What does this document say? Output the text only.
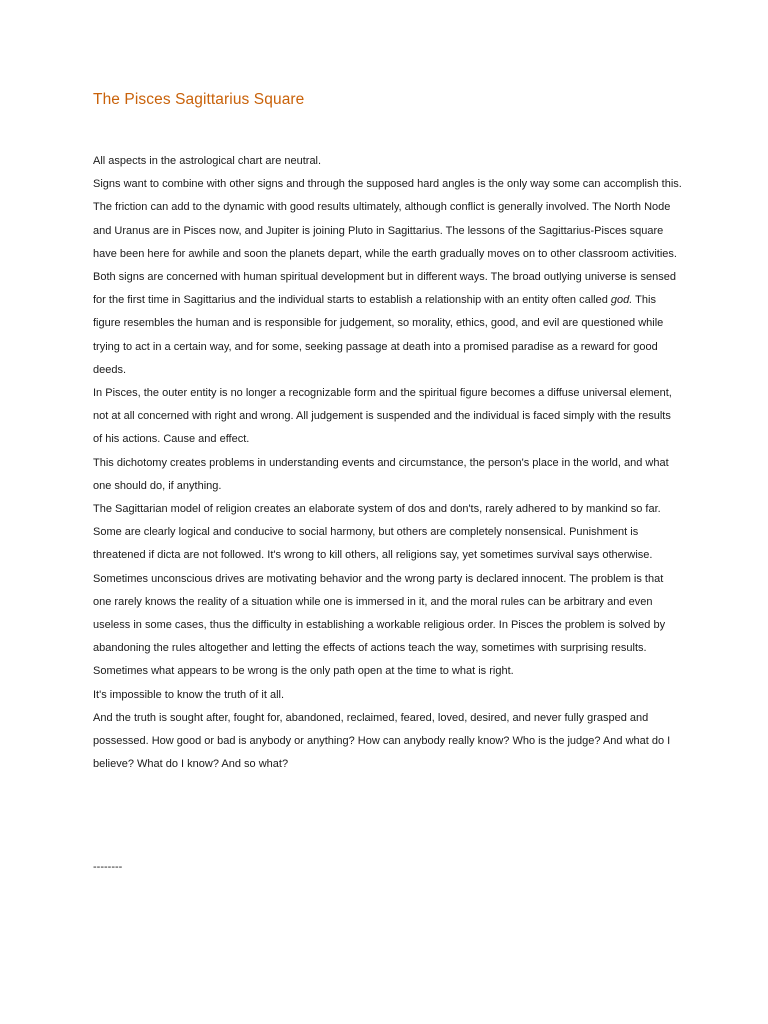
The Pisces Sagittarius Square

All aspects in the astrological chart are neutral.

Signs want to combine with other signs and through the supposed hard angles is the only way some can accomplish this. The friction can add to the dynamic with good results ultimately, although conflict is generally involved. The North Node and Uranus are in Pisces now, and Jupiter is joining Pluto in Sagittarius. The lessons of the Sagittarius-Pisces square have been here for awhile and soon the planets depart, while the earth gradually moves on to other classroom activities.

Both signs are concerned with human spiritual development but in different ways. The broad outlying universe is sensed for the first time in Sagittarius and the individual starts to establish a relationship with an entity often called god. This figure resembles the human and is responsible for judgement, so morality, ethics, good, and evil are questioned while trying to act in a certain way, and for some, seeking passage at death into a promised paradise as a reward for good deeds.

In Pisces, the outer entity is no longer a recognizable form and the spiritual figure becomes a diffuse universal element, not at all concerned with right and wrong. All judgement is suspended and the individual is faced simply with the results of his actions. Cause and effect.

This dichotomy creates problems in understanding events and circumstance, the person's place in the world, and what one should do, if anything.

The Sagittarian model of religion creates an elaborate system of dos and don'ts, rarely adhered to by mankind so far. Some are clearly logical and conducive to social harmony, but others are completely nonsensical. Punishment is threatened if dicta are not followed. It's wrong to kill others, all religions say, yet sometimes survival says otherwise. Sometimes unconscious drives are motivating behavior and the wrong party is declared innocent. The problem is that one rarely knows the reality of a situation while one is immersed in it, and the moral rules can be arbitrary and even useless in some cases, thus the difficulty in establishing a workable religious order. In Pisces the problem is solved by abandoning the rules altogether and letting the effects of actions teach the way, sometimes with surprising results. Sometimes what appears to be wrong is the only path open at the time to what is right.

It's impossible to know the truth of it all.

And the truth is sought after, fought for, abandoned, reclaimed, feared, loved, desired, and never fully grasped and possessed. How good or bad is anybody or anything? How can anybody really know? Who is the judge? And what do I believe? What do I know? And so what?

--------
